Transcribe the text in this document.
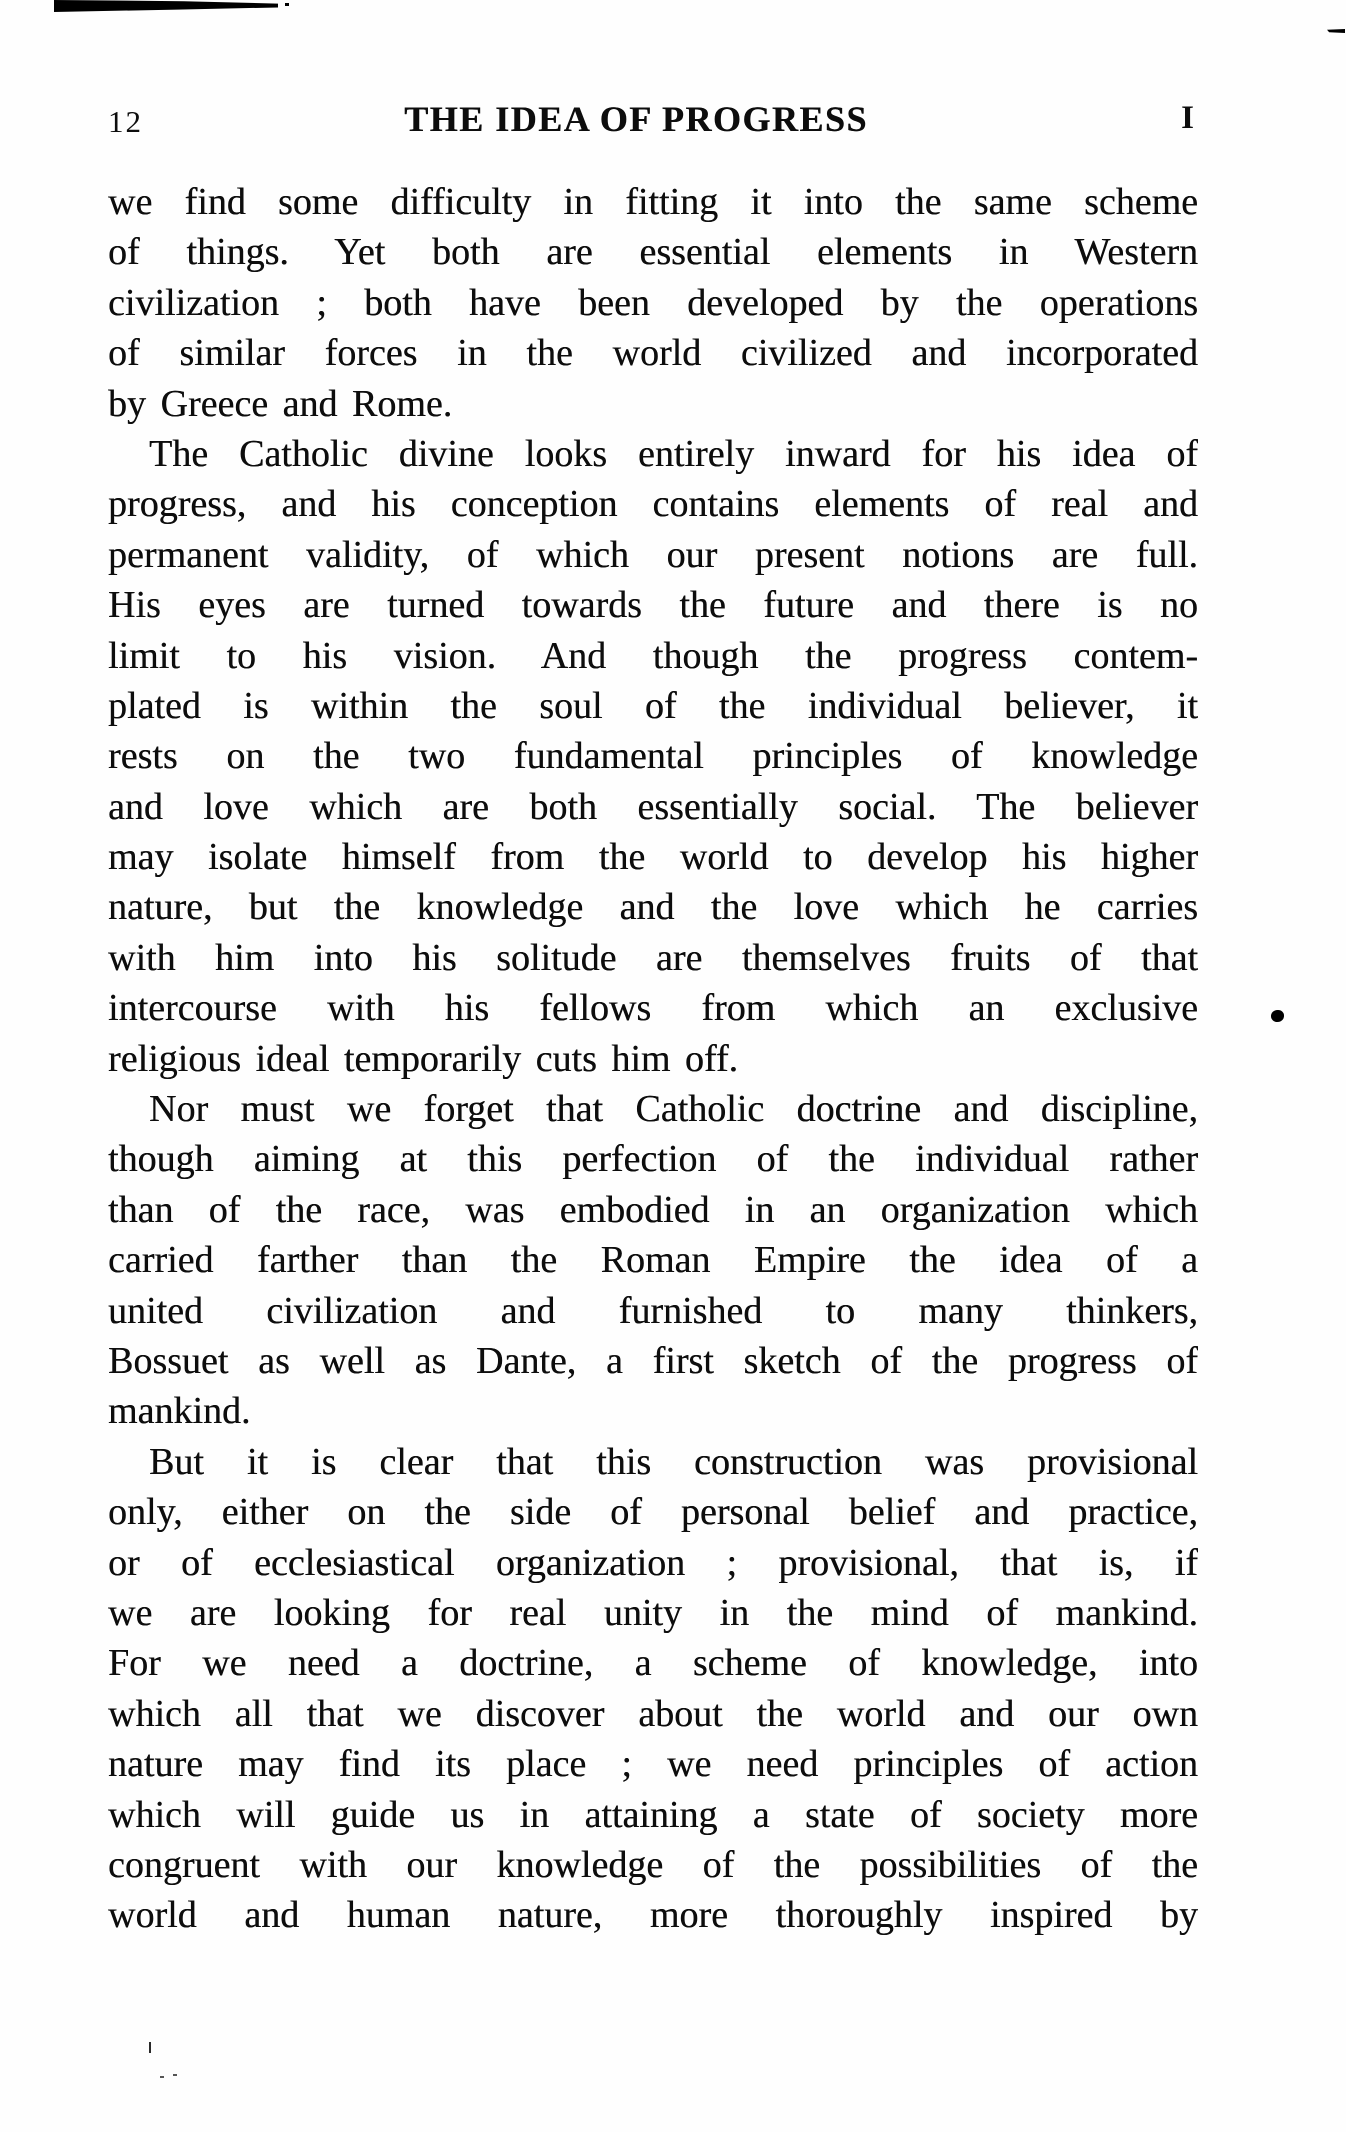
12	THE IDEA OF PROGRESS	I
we find some difficulty in fitting it into the same scheme
of things. Yet both are essential elements in Western
civilization ; both have been developed by the operations
of similar forces in the world civilized and incorporated
by Greece and Rome.
The Catholic divine looks entirely inward for his idea of
progress, and his conception contains elements of real and
permanent validity, of which our present notions are full.
His eyes are turned towards the future and there is no
limit to his vision. And though the progress contem-
plated is within the soul of the individual believer, it
rests on the two fundamental principles of knowledge
and love which are both essentially social. The believer
may isolate himself from the world to develop his higher
nature, but the knowledge and the love which he carries
with him into his solitude are themselves fruits of that
intercourse with his fellows from which an exclusive
religious ideal temporarily cuts him off.
Nor must we forget that Catholic doctrine and discipline,
though aiming at this perfection of the individual rather
than of the race, was embodied in an organization which
carried farther than the Roman Empire the idea of a
united civilization and furnished to many thinkers,
Bossuet as well as Dante, a first sketch of the progress of
mankind.
But it is clear that this construction was provisional
only, either on the side of personal belief and practice,
or of ecclesiastical organization ; provisional, that is, if
we are looking for real unity in the mind of mankind.
For we need a doctrine, a scheme of knowledge, into
which all that we discover about the world and our own
nature may find its place ; we need principles of action
which will guide us in attaining a state of society more
congruent with our knowledge of the possibilities of the
world and human nature, more thoroughly inspired by
